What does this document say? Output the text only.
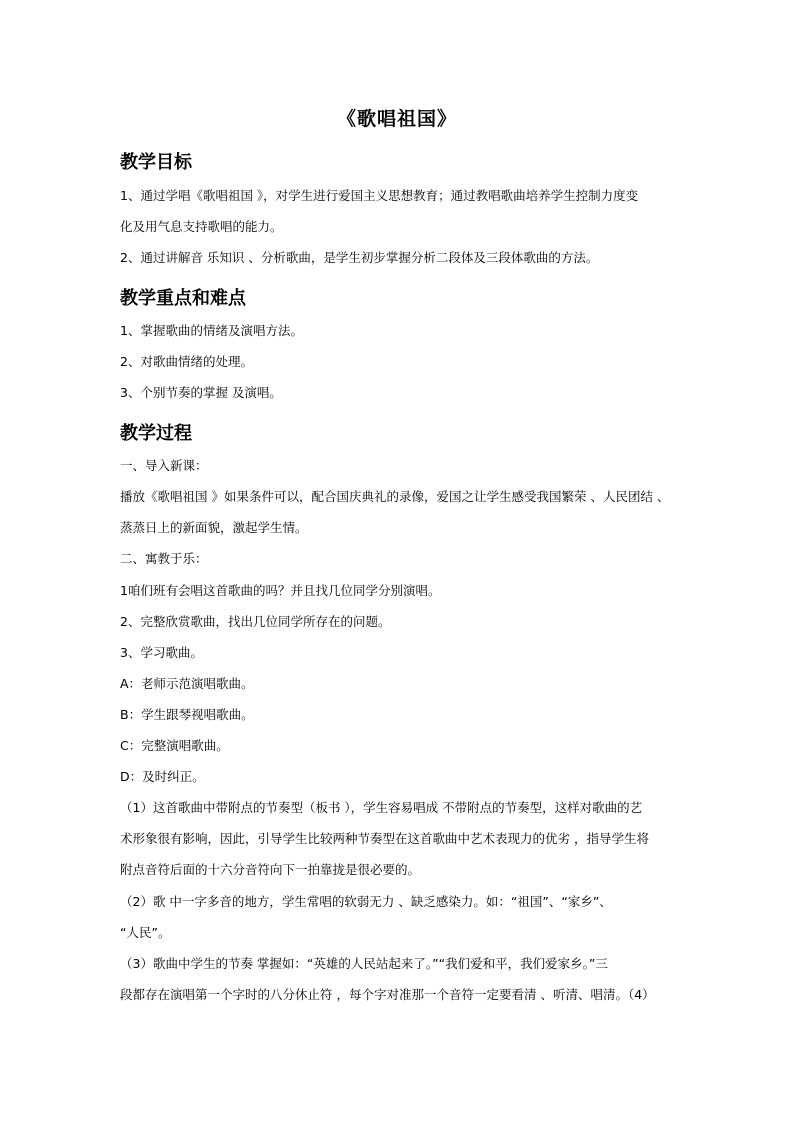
《歌唱祖国》
教学目标
1、通过学唱《歌唱祖国 》，对学生进行爱国主义思想教育；通过教唱歌曲培养学生控制力度变
化及用气息支持歌唱的能力。
2、通过讲解音 乐知识 、分析歌曲，是学生初步掌握分析二段体及三段体歌曲的方法。
教学重点和难点
1、掌握歌曲的情绪及演唱方法。
2、对歌曲情绪的处理。
3、个别节奏的掌握 及演唱。
教学过程
一、导入新课：
播放《歌唱祖国 》如果条件可以，配合国庆典礼的录像，爱国之让学生感受我国繁荣 、人民团结 、
蒸蒸日上的新面貌，激起学生情。
二、寓教于乐：
1咱们班有会唱这首歌曲的吗？并且找几位同学分别演唱。
2、完整欣赏歌曲，找出几位同学所存在的问题。
3、学习歌曲。
A：老师示范演唱歌曲。
B：学生跟琴视唱歌曲。
C：完整演唱歌曲。
D：及时纠正。
（1）这首歌曲中带附点的节奏型（板书 ），学生容易唱成 不带附点的节奏型，这样对歌曲的艺
术形象很有影响，因此，引导学生比较两种节奏型在这首歌曲中艺术表现力的优劣 ，指导学生将
附点音符后面的十六分音符向下一拍靠拢是很必要的。
（2）歌 中一字多音的地方，学生常唱的软弱无力 、缺乏感染力。如：“祖国”、“家乡”、
“人民”。
（3）歌曲中学生的节奏 掌握如：“英雄的人民站起来了。”“我们爱和平，我们爱家乡。”三
段都存在演唱第一个字时的八分休止符 ，每个字对准那一个音符一定要看清 、听清、唱清。（4）
